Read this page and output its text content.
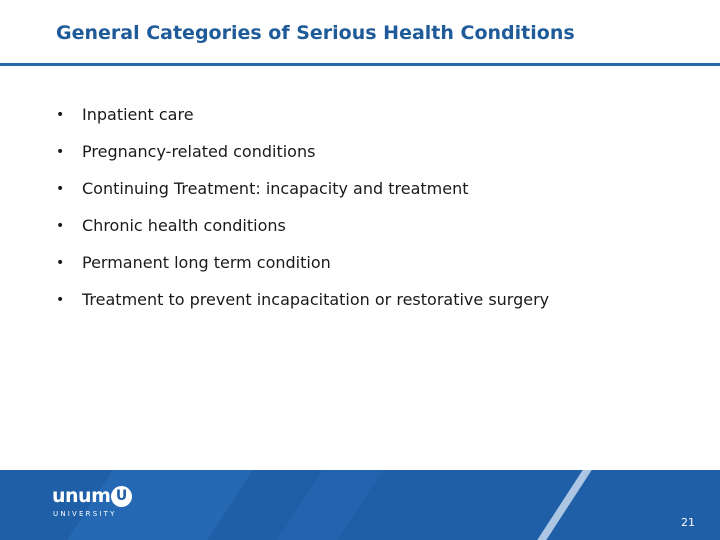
General Categories of Serious Health Conditions
•	Inpatient care
•	Pregnancy-related conditions
•	Continuing Treatment: incapacity and treatment
•	Chronic health conditions
•	Permanent long term condition
•	Treatment to prevent incapacitation or restorative surgery
unum U
UNIVERSITY
21
